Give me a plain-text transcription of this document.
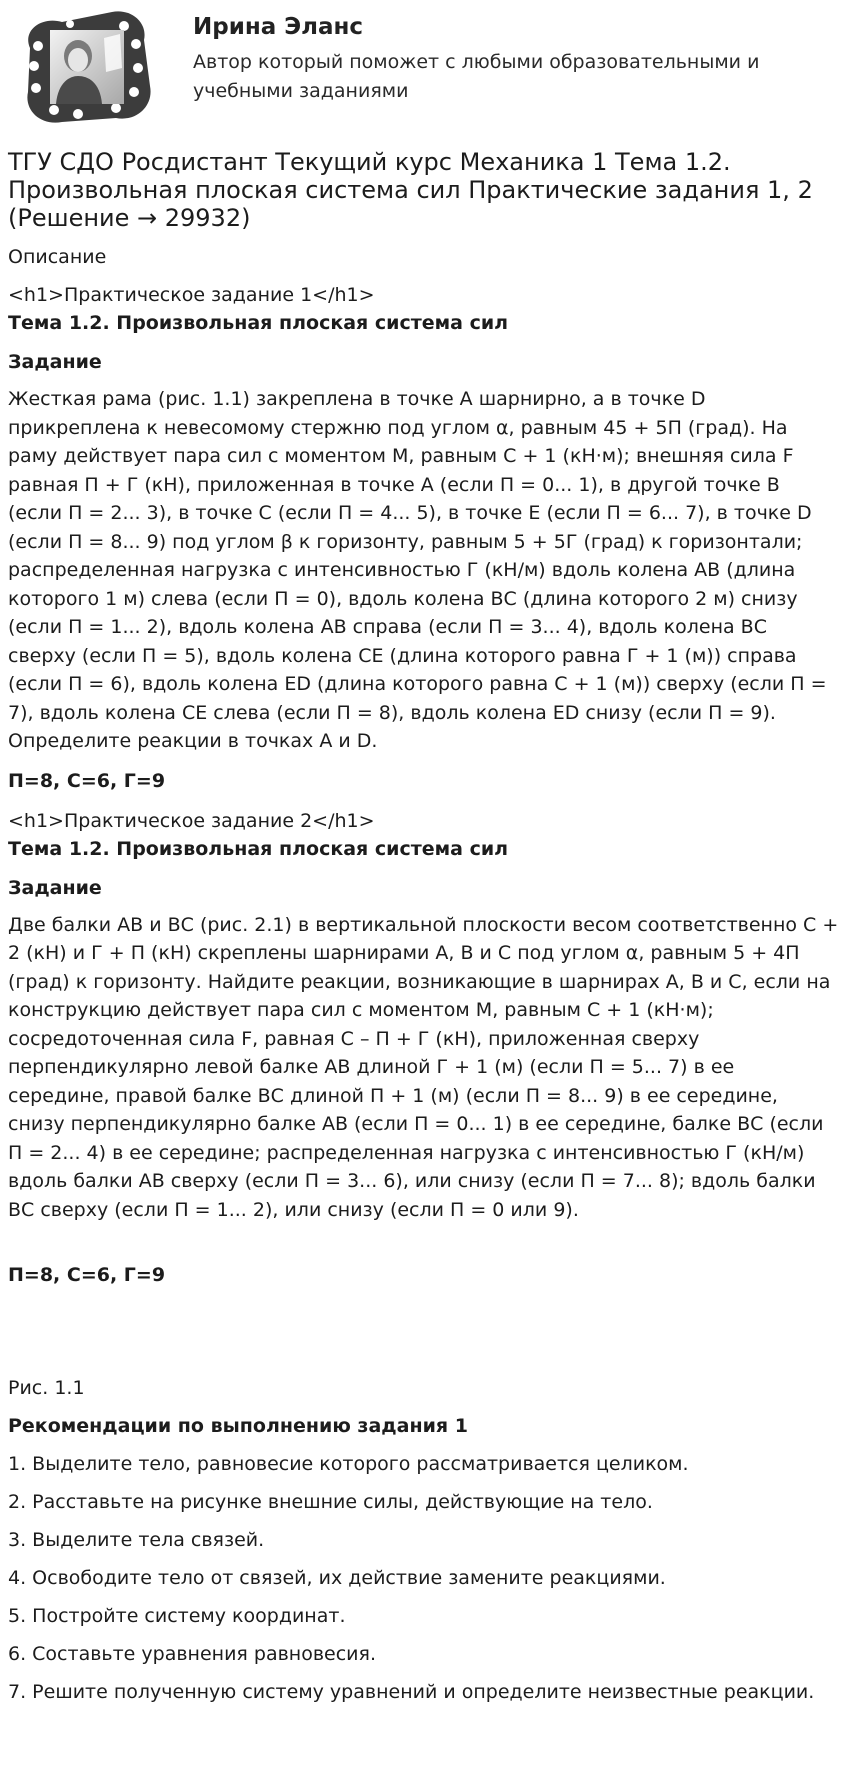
Ирина Эланс

Автор который поможет с любыми образовательными и учебными заданиями

ТГУ СДО Росдистант Текущий курс Механика 1 Тема 1.2. Произвольная плоская система сил Практические задания 1, 2 (Решение → 29932)

Описание

<h1>Практическое задание 1</h1>

Тема 1.2. Произвольная плоская система сил

Задание

Жесткая рама (рис. 1.1) закреплена в точке A шарнирно, а в точке D прикреплена к невесомому стержню под углом α, равным 45 + 5П (град). На раму действует пара сил с моментом M, равным C + 1 (кН·м); внешняя сила F равная П + Г (кН), приложенная в точке А (если П = 0... 1), в другой точке В (если П = 2... 3), в точке С (если П = 4... 5), в точке Е (если П = 6... 7), в точке D (если П = 8... 9) под углом β к горизонту, равным 5 + 5Г (град) к горизонтали; распределенная нагрузка с интенсивностью Г (кН/м) вдоль колена АВ (длина которого 1 м) слева (если П = 0), вдоль колена ВС (длина которого 2 м) снизу (если П = 1... 2), вдоль колена АВ справа (если П = 3... 4), вдоль колена ВС сверху (если П = 5), вдоль колена СЕ (длина которого равна Г + 1 (м)) справа (если П = 6), вдоль колена ЕD (длина которого равна С + 1 (м)) сверху (если П = 7), вдоль колена СЕ слева (если П = 8), вдоль колена ЕD снизу (если П = 9). Определите реакции в точках А и D.

П=8, С=6, Г=9

<h1>Практическое задание 2</h1>

Тема 1.2. Произвольная плоская система сил

Задание

Две балки АВ и ВС (рис. 2.1) в вертикальной плоскости весом соответственно C + 2 (кН) и Г + П (кН) скреплены шарнирами А, В и С под углом α, равным 5 + 4П (град) к горизонту. Найдите реакции, возникающие в шарнирах А, В и С, если на конструкцию действует пара сил с моментом M, равным C + 1 (кН·м); сосредоточенная сила F, равная C – П + Г (кН), приложенная сверху перпендикулярно левой балке АВ длиной Г + 1 (м) (если П = 5... 7) в ее середине, правой балке ВС длиной П + 1 (м) (если П = 8... 9) в ее середине, снизу перпендикулярно балке АВ (если П = 0... 1) в ее середине, балке ВС (если П = 2... 4) в ее середине; распределенная нагрузка с интенсивностью Г (кН/м) вдоль балки АВ сверху (если П = 3... 6), или снизу (если П = 7... 8); вдоль балки ВС сверху (если П = 1... 2), или снизу (если П = 0 или 9).

П=8, С=6, Г=9

Рис. 1.1

Рекомендации по выполнению задания 1

1. Выделите тело, равновесие которого рассматривается целиком.

2. Расставьте на рисунке внешние силы, действующие на тело.

3. Выделите тела связей.

4. Освободите тело от связей, их действие замените реакциями.

5. Постройте систему координат.

6. Составьте уравнения равновесия.

7. Решите полученную систему уравнений и определите неизвестные реакции.
